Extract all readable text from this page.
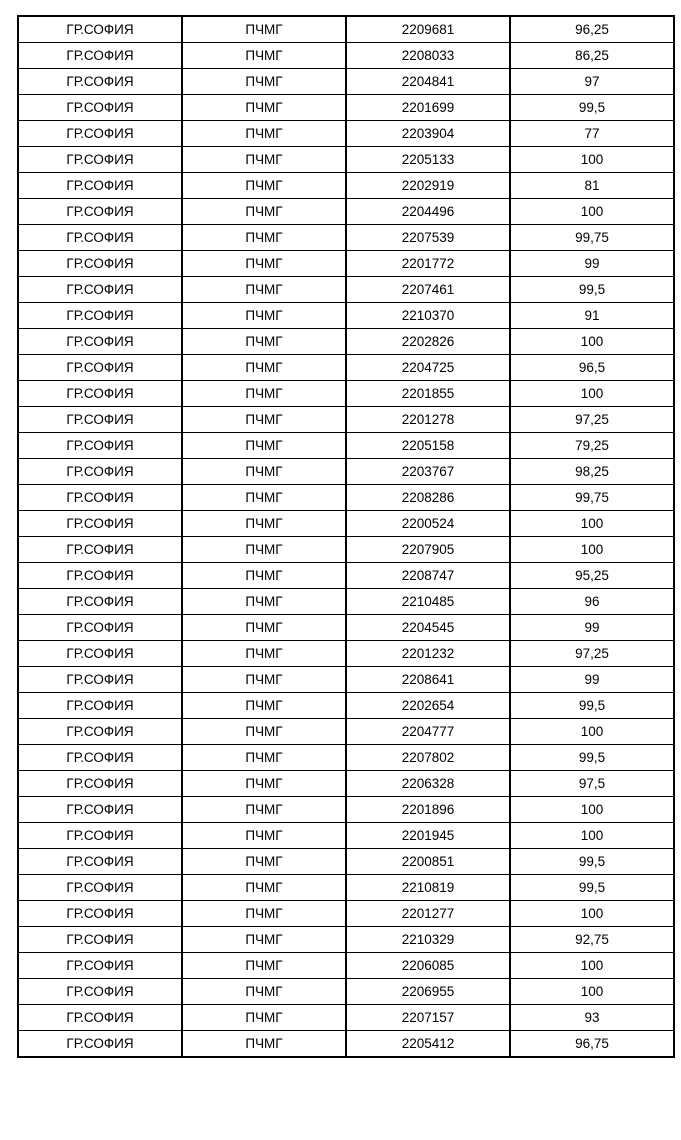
ГР.СОФИЯ	ПЧМГ	2209681	96,25
ГР.СОФИЯ	ПЧМГ	2208033	86,25
ГР.СОФИЯ	ПЧМГ	2204841	97
ГР.СОФИЯ	ПЧМГ	2201699	99,5
ГР.СОФИЯ	ПЧМГ	2203904	77
ГР.СОФИЯ	ПЧМГ	2205133	100
ГР.СОФИЯ	ПЧМГ	2202919	81
ГР.СОФИЯ	ПЧМГ	2204496	100
ГР.СОФИЯ	ПЧМГ	2207539	99,75
ГР.СОФИЯ	ПЧМГ	2201772	99
ГР.СОФИЯ	ПЧМГ	2207461	99,5
ГР.СОФИЯ	ПЧМГ	2210370	91
ГР.СОФИЯ	ПЧМГ	2202826	100
ГР.СОФИЯ	ПЧМГ	2204725	96,5
ГР.СОФИЯ	ПЧМГ	2201855	100
ГР.СОФИЯ	ПЧМГ	2201278	97,25
ГР.СОФИЯ	ПЧМГ	2205158	79,25
ГР.СОФИЯ	ПЧМГ	2203767	98,25
ГР.СОФИЯ	ПЧМГ	2208286	99,75
ГР.СОФИЯ	ПЧМГ	2200524	100
ГР.СОФИЯ	ПЧМГ	2207905	100
ГР.СОФИЯ	ПЧМГ	2208747	95,25
ГР.СОФИЯ	ПЧМГ	2210485	96
ГР.СОФИЯ	ПЧМГ	2204545	99
ГР.СОФИЯ	ПЧМГ	2201232	97,25
ГР.СОФИЯ	ПЧМГ	2208641	99
ГР.СОФИЯ	ПЧМГ	2202654	99,5
ГР.СОФИЯ	ПЧМГ	2204777	100
ГР.СОФИЯ	ПЧМГ	2207802	99,5
ГР.СОФИЯ	ПЧМГ	2206328	97,5
ГР.СОФИЯ	ПЧМГ	2201896	100
ГР.СОФИЯ	ПЧМГ	2201945	100
ГР.СОФИЯ	ПЧМГ	2200851	99,5
ГР.СОФИЯ	ПЧМГ	2210819	99,5
ГР.СОФИЯ	ПЧМГ	2201277	100
ГР.СОФИЯ	ПЧМГ	2210329	92,75
ГР.СОФИЯ	ПЧМГ	2206085	100
ГР.СОФИЯ	ПЧМГ	2206955	100
ГР.СОФИЯ	ПЧМГ	2207157	93
ГР.СОФИЯ	ПЧМГ	2205412	96,75
